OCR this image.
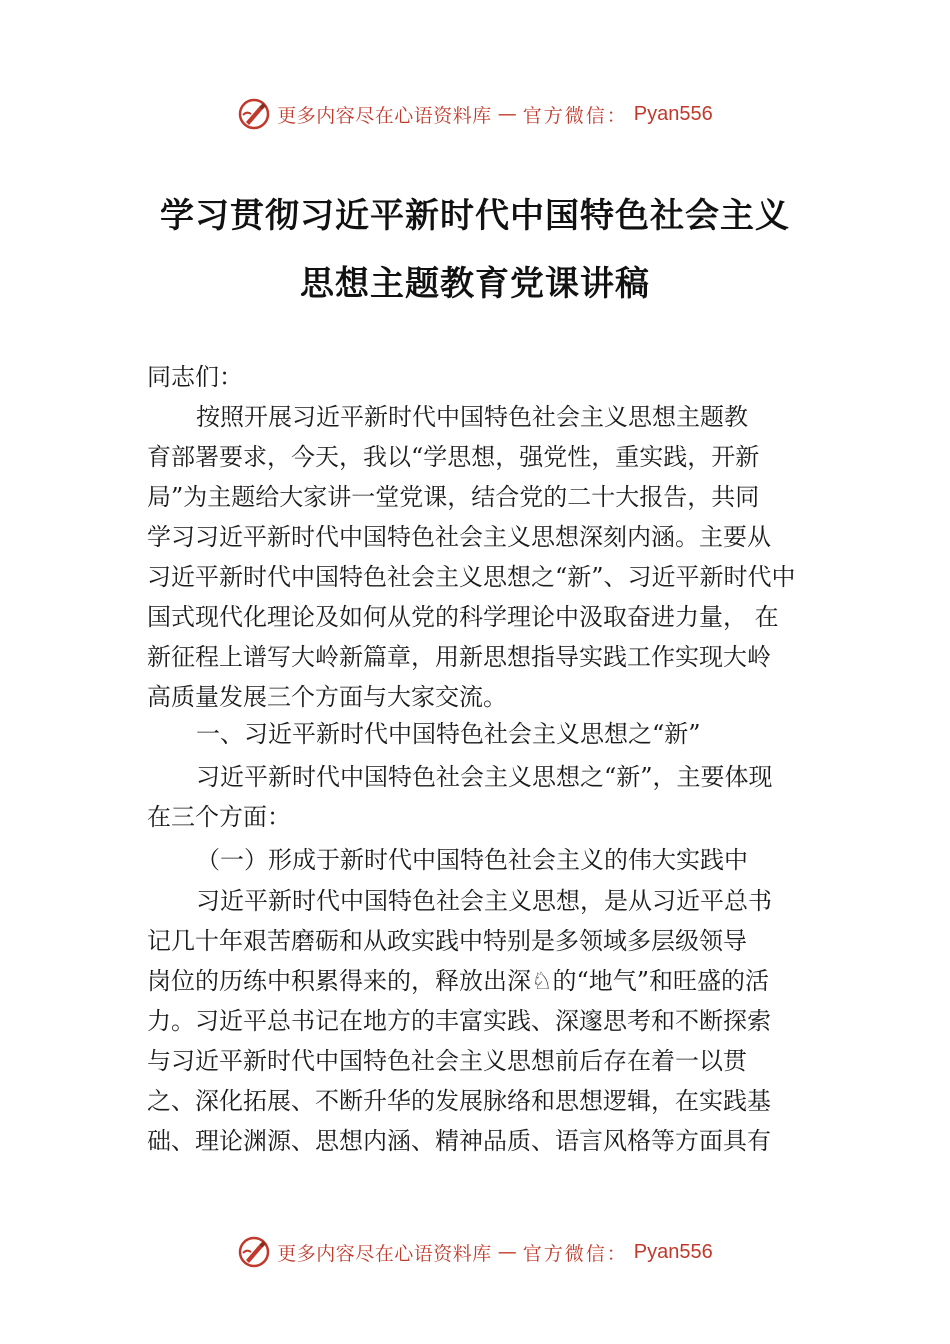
更多内容尽在心语资料库 — 官方微信： Pyan556
学习贯彻习近平新时代中国特色社会主义
思想主题教育党课讲稿
同志们：
按照开展习近平新时代中国特色社会主义思想主题教
育部署要求，今天，我以“学思想，强党性，重实践，开新
局”为主题给大家讲一堂党课，结合党的二十大报告，共同
学习习近平新时代中国特色社会主义思想深刻内涵。主要从
习近平新时代中国特色社会主义思想之“新”、习近平新时代中
国式现代化理论及如何从党的科学理论中汲取奋进力量， 在
新征程上谱写大岭新篇章，用新思想指导实践工作实现大岭
高质量发展三个方面与大家交流。
一、习近平新时代中国特色社会主义思想之“新”
习近平新时代中国特色社会主义思想之“新”，主要体现
在三个方面：
（一）形成于新时代中国特色社会主义的伟大实践中
习近平新时代中国特色社会主义思想，是从习近平总书
记几十年艰苦磨砺和从政实践中特别是多领域多层级领导
岗位的历练中积累得来的，释放出深♘的“地气”和旺盛的活
力。习近平总书记在地方的丰富实践、深邃思考和不断探索
与习近平新时代中国特色社会主义思想前后存在着一以贯
之、深化拓展、不断升华的发展脉络和思想逻辑，在实践基
础、理论渊源、思想内涵、精神品质、语言风格等方面具有
更多内容尽在心语资料库 — 官方微信： Pyan556
